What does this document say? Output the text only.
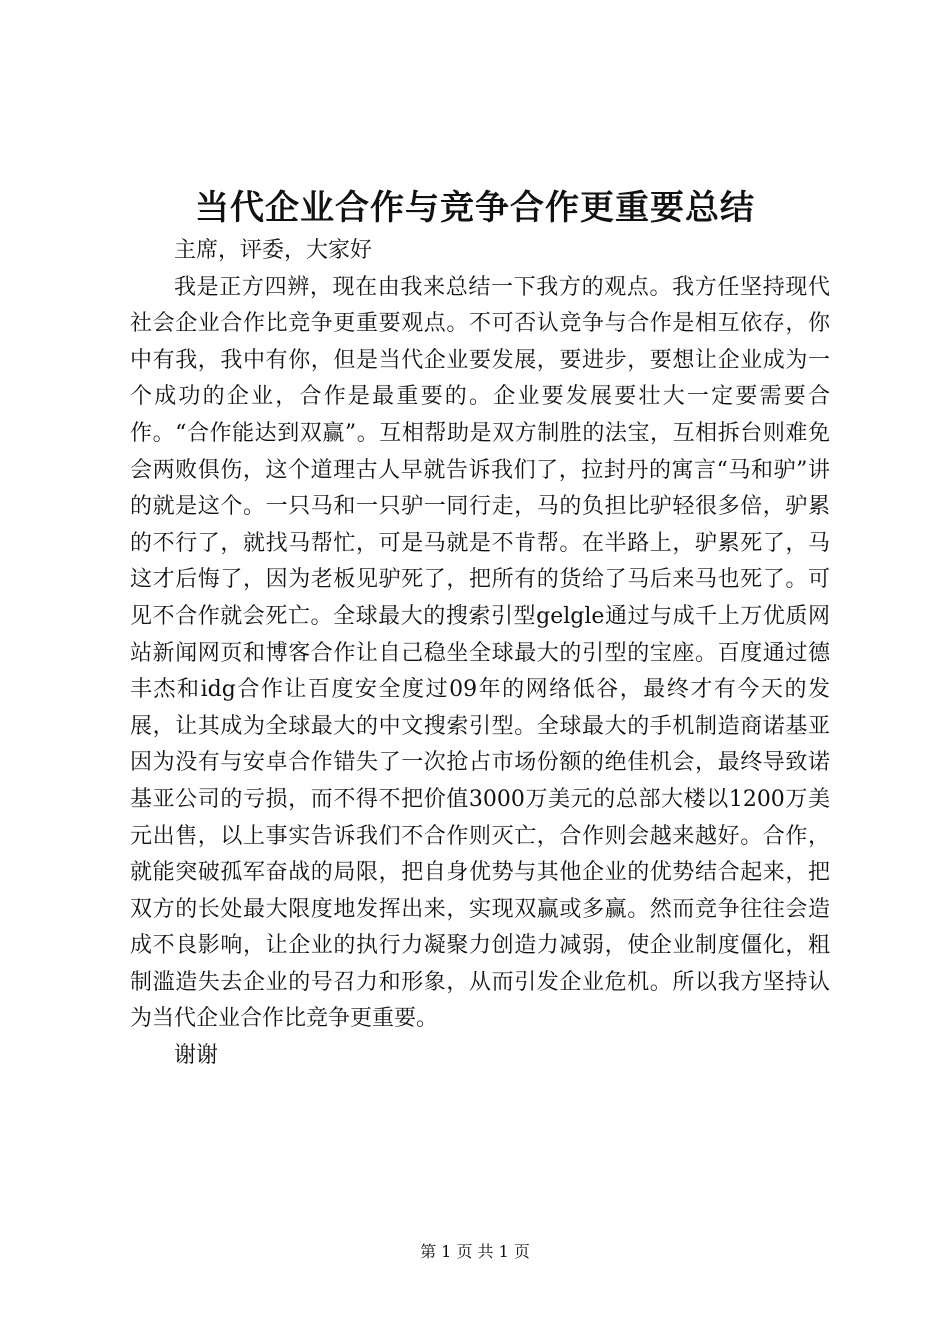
当代企业合作与竞争合作更重要总结

主席，评委，大家好

我是正方四辨，现在由我来总结一下我方的观点。我方任坚持现代社会企业合作比竞争更重要观点。不可否认竞争与合作是相互依存，你中有我，我中有你，但是当代企业要发展，要进步，要想让企业成为一个成功的企业，合作是最重要的。企业要发展要壮大一定要需要合作。“合作能达到双赢”。互相帮助是双方制胜的法宝，互相拆台则难免会两败俱伤，这个道理古人早就告诉我们了，拉封丹的寓言“马和驴”讲的就是这个。一只马和一只驴一同行走，马的负担比驴轻很多倍，驴累的不行了，就找马帮忙，可是马就是不肯帮。在半路上，驴累死了，马这才后悔了，因为老板见驴死了，把所有的货给了马后来马也死了。可见不合作就会死亡。全球最大的搜索引型gelgle通过与成千上万优质网站新闻网页和博客合作让自己稳坐全球最大的引型的宝座。百度通过德丰杰和idg合作让百度安全度过09年的网络低谷，最终才有今天的发展，让其成为全球最大的中文搜索引型。全球最大的手机制造商诺基亚因为没有与安卓合作错失了一次抢占市场份额的绝佳机会，最终导致诺基亚公司的亏损，而不得不把价值3000万美元的总部大楼以1200万美元出售，以上事实告诉我们不合作则灭亡，合作则会越来越好。合作，就能突破孤军奋战的局限，把自身优势与其他企业的优势结合起来，把双方的长处最大限度地发挥出来，实现双赢或多赢。然而竞争往往会造成不良影响，让企业的执行力凝聚力创造力减弱，使企业制度僵化，粗制滥造失去企业的号召力和形象，从而引发企业危机。所以我方坚持认为当代企业合作比竞争更重要。

谢谢

第 1 页 共 1 页
